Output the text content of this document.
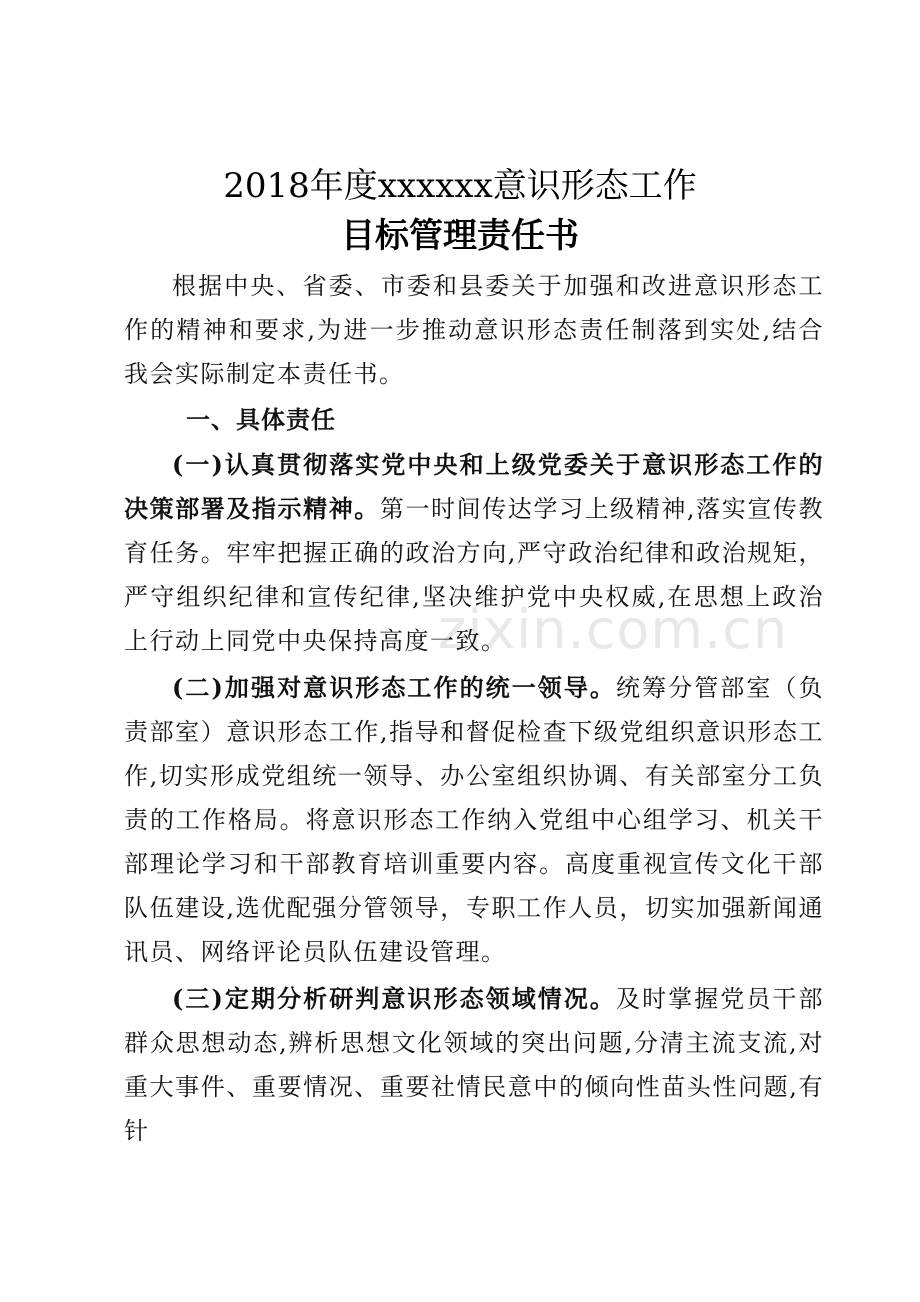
2018年度xxxxxx意识形态工作
目标管理责任书
根据中央、省委、市委和县委关于加强和改进意识形态工作的精神和要求,为进一步推动意识形态责任制落到实处,结合我会实际制定本责任书。
一、具体责任
(一)认真贯彻落实党中央和上级党委关于意识形态工作的决策部署及指示精神。第一时间传达学习上级精神,落实宣传教育任务。牢牢把握正确的政治方向,严守政治纪律和政治规矩，严守组织纪律和宣传纪律,坚决维护党中央权威,在思想上政治上行动上同党中央保持高度一致。
(二)加强对意识形态工作的统一领导。统筹分管部室（负责部室）意识形态工作,指导和督促检查下级党组织意识形态工作,切实形成党组统一领导、办公室组织协调、有关部室分工负责的工作格局。将意识形态工作纳入党组中心组学习、机关干部理论学习和干部教育培训重要内容。高度重视宣传文化干部队伍建设,选优配强分管领导，专职工作人员，切实加强新闻通讯员、网络评论员队伍建设管理。
(三)定期分析研判意识形态领域情况。及时掌握党员干部群众思想动态,辨析思想文化领域的突出问题,分清主流支流,对重大事件、重要情况、重要社情民意中的倾向性苗头性问题,有针
zixin.com.cn
